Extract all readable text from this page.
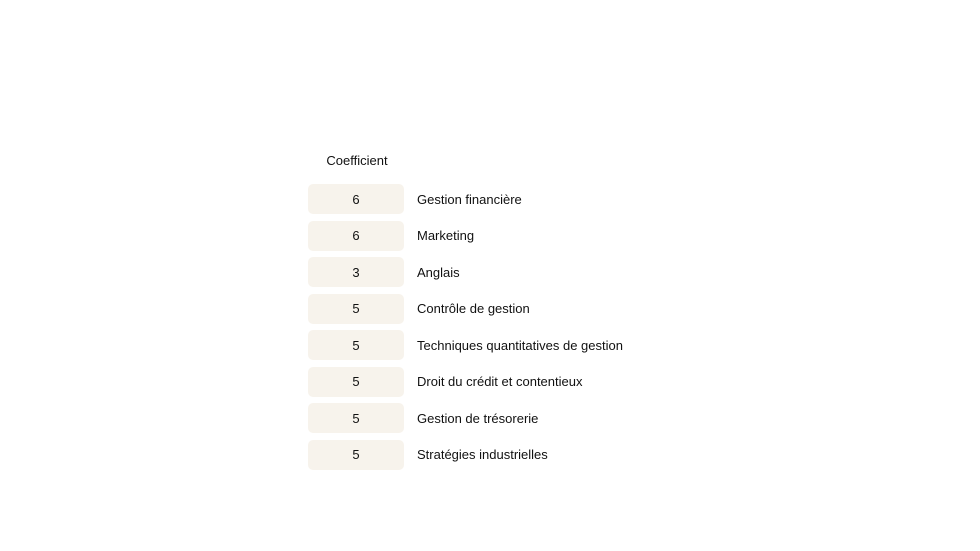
Coefficient
6	Gestion financière
6	Marketing
3	Anglais
5	Contrôle de gestion
5	Techniques quantitatives de gestion
5	Droit du crédit et contentieux
5	Gestion de trésorerie
5	Stratégies industrielles
